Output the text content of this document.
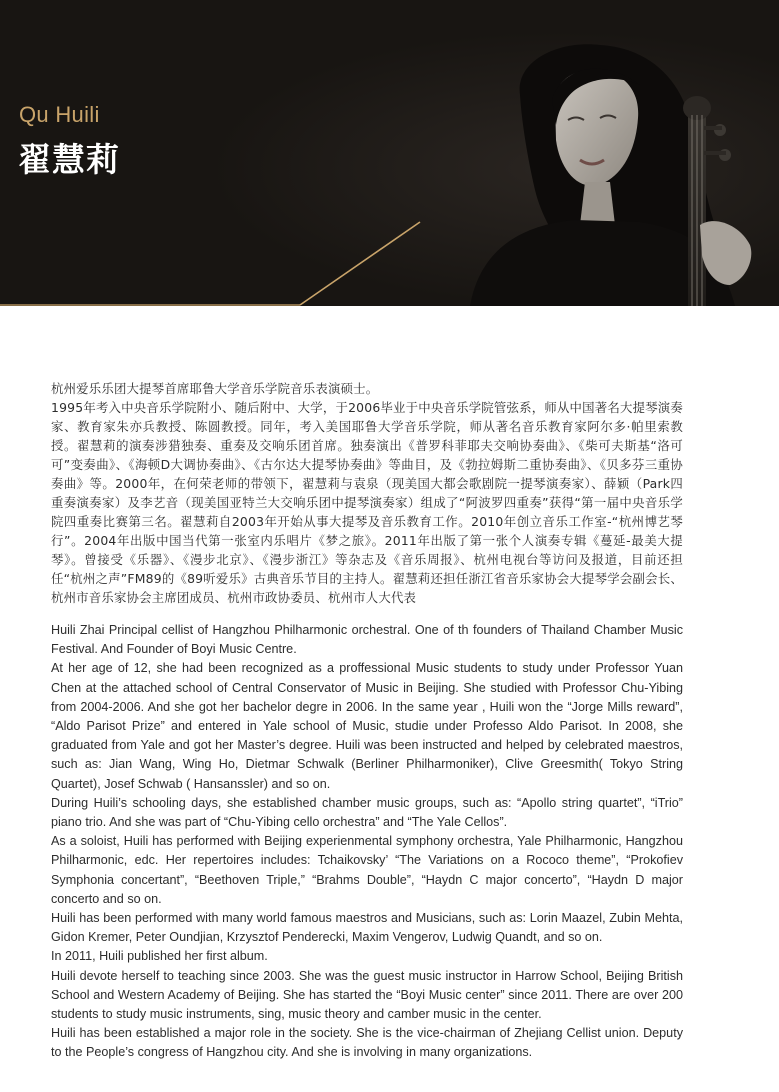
Qu Huili
翟慧莉

杭州爱乐乐团大提琴首席耶鲁大学音乐学院音乐表演硕士。

1995年考入中央音乐学院附小、随后附中、大学，于2006毕业于中央音乐学院管弦系，师从中国著名大提琴演奏家、教育家朱亦兵教授、陈圆教授。同年，考入美国耶鲁大学音乐学院，师从著名音乐教育家阿尔多·帕里索教授。翟慧莉的演奏涉猎独奏、重奏及交响乐团首席。独奏演出《普罗科菲耶夫交响协奏曲》、《柴可夫斯基“洛可可”变奏曲》、《海顿D大调协奏曲》、《古尔达大提琴协奏曲》等曲目，及《勃拉姆斯二重协奏曲》、《贝多芬三重协奏曲》等。2000年，在何荣老师的带领下，翟慧莉与袁泉（现美国大都会歌剧院一提琴演奏家）、薛颖（Park四重奏演奏家）及李艺音（现美国亚特兰大交响乐团中提琴演奏家）组成了“阿波罗四重奏”获得“第一届中央音乐学院四重奏比赛第三名。翟慧莉自2003年开始从事大提琴及音乐教育工作。2010年创立音乐工作室-“杭州博艺琴行”。2004年出版中国当代第一张室内乐唱片《梦之旅》。2011年出版了第一张个人演奏专辑《蔓延-最美大提琴》。曾接受《乐器》、《漫步北京》、《漫步浙江》等杂志及《音乐周报》、杭州电视台等访问及报道，目前还担任“杭州之声”FM89的《89听爱乐》古典音乐节目的主持人。翟慧莉还担任浙江省音乐家协会大提琴学会副会长、杭州市音乐家协会主席团成员、杭州市政协委员、杭州市人大代表

Huili Zhai Principal cellist of Hangzhou Philharmonic orchestral. One of th founders of Thailand Chamber Music Festival. And Founder of Boyi Music Centre.

At her age of 12, she had been recognized as a proffessional Music students to study under Professor Yuan Chen at the attached school of Central Conservator of Music in Beijing. She studied with Professor Chu-Yibing from 2004-2006. And she got her bachelor degre in 2006. In the same year , Huili won the “Jorge Mills reward”, “Aldo Parisot Prize” and entered in Yale school of Music, studie under Professo Aldo Parisot. In 2008, she graduated from Yale and got her Master’s degree. Huili was been instructed and helped by celebrated maestros, such as: Jian Wang, Wing Ho, Dietmar Schwalk (Berliner Philharmoniker), Clive Greesmith( Tokyo String Quartet), Josef Schwab ( Hansanssler) and so on.

During Huili’s schooling days, she established chamber music groups, such as: “Apollo string quartet”, “iTrio” piano trio. And she was part of “Chu-Yibing cello orchestra” and “The Yale Cellos”.

As a soloist, Huili has performed with Beijing experienmental symphony orchestra, Yale Philharmonic, Hangzhou Philharmonic, edc. Her repertoires includes: Tchaikovsky’ “The Variations on a Rococo theme”, “Prokofiev Symphonia concertant”, “Beethoven Triple,” “Brahms Double”, “Haydn C major concerto”, “Haydn D major concerto and so on.

Huili has been performed with many world famous maestros and Musicians, such as: Lorin Maazel, Zubin Mehta, Gidon Kremer, Peter Oundjian, Krzysztof Penderecki, Maxim Vengerov, Ludwig Quandt, and so on.

In 2011, Huili published her first album.

Huili devote herself to teaching since 2003. She was the guest music instructor in Harrow School, Beijing British School and Western Academy of Beijing. She has started the “Boyi Music center” since 2011. There are over 200 students to study music instruments, sing, music theory and camber music in the center.

Huili has been established a major role in the society. She is the vice-chairman of Zhejiang Cellist union. Deputy to the People’s congress of Hangzhou city. And she is involving in many organizations.
